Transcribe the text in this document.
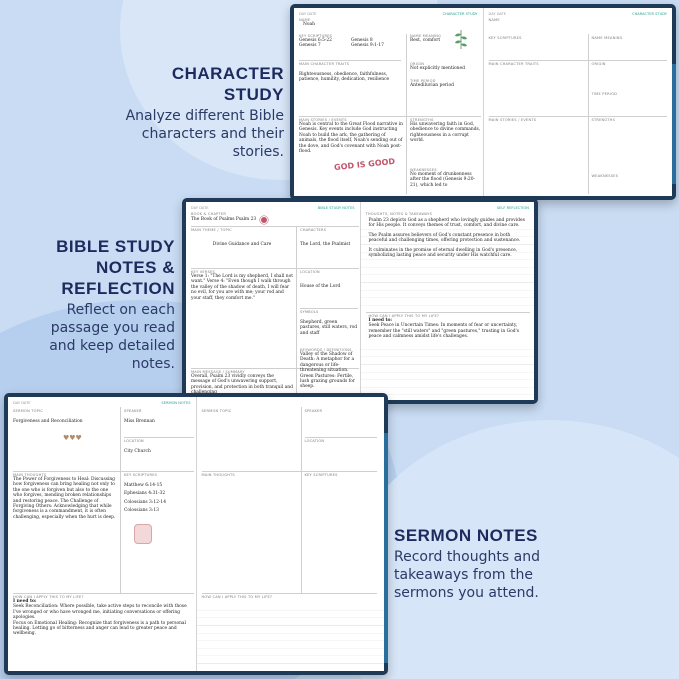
CHARACTER STUDY
Analyze different Bible characters and their stories.
BIBLE STUDY NOTES & REFLECTION
Reflect on each passage you read and keep detailed notes.
SERMON NOTES
Record thoughts and takeaways from the sermons you attend.
DAY DATE	CHARACTER STUDY
NAME
Noah
KEY SCRIPTURES
Genesis 6:5-22	Genesis 8
Genesis 7	Genesis 9:1-17
NAME MEANING
Rest, comfort
MAIN CHARACTER TRAITS
Righteousness, obedience, faithfulness, patience, humility, dedication, resilience
ORIGIN
Not explicitly mentioned
TIME PERIOD
Antediluvian period
MAIN STORIES / EVENTS
Noah is central to the Great Flood narrative in Genesis. Key events include God instructing Noah to build the ark, the gathering of animals, the flood itself, Noah's sending out of the dove, and God's covenant with Noah post-flood.
STRENGTHS
His unwavering faith in God, obedience to divine commands, righteousness in a corrupt world.
GOD IS GOOD	WEAKNESSES
No moment of drunkenness after the flood (Genesis 9:20-21), which led to
DAY DATE	CHARACTER STUDY
NAME
KEY SCRIPTURES	NAME MEANING
MAIN CHARACTER TRAITS	ORIGIN
TIME PERIOD
MAIN STORIES / EVENTS	STRENGTHS
WEAKNESSES
DAY DATE	BIBLE STUDY NOTES
BOOK & CHAPTER
The Book of Psalms Psalm 23
MAIN THEME / TOPIC
Divine Guidance and Care
CHARACTERS
The Lord, the Psalmist
KEY VERSES
Verse 1: "The Lord is my shepherd, I shall not want." Verse 4: "Even though I walk through the valley of the shadow of death, I will fear no evil, for you are with me; your rod and your staff, they comfort me."
LOCATION
House of the Lord
SYMBOLS
Shepherd, green pastures, still waters, rod and staff
MAIN MESSAGE / SUMMARY
Overall, Psalm 23 vividly conveys the message of God's unwavering support, provision, and protection in both tranquil and
KEYWORDS / DEFINITIONS
Valley of the Shadow of Death: A metaphor for a dangerous or life-threatening situation. Green Pastures: Fertile, lush grazing grounds for sheep.
SELF REFLECTION
THOUGHTS, NOTES & TAKEAWAYS
Psalm 23 depicts God as a shepherd who lovingly guides and provides for His people. It conveys themes of trust, comfort, and divine care.
The Psalm assures believers of God's constant presence in both peaceful and challenging times, offering protection and sustenance.
It culminates in the promise of eternal dwelling in God's presence, symbolizing lasting peace and security under His watchful care.
HOW CAN I APPLY THIS TO MY LIFE?
I need to:
Seek Peace in Uncertain Times: In moments of fear or uncertainty, remember the "still waters" and "green pastures," trusting in God's peace and calmness amidst life's challenges.
DAY DATE	SERMON NOTES
SERMON TOPIC
Forgiveness and Reconciliation
♥♥♥
SPEAKER
Miss Brennan
LOCATION
City Church
MAIN THOUGHTS
The Power of Forgiveness to Heal: Discussing how forgiveness can bring healing not only to the one who is forgiven but also to the one who forgives, mending broken relationships and restoring peace. The Challenge of Forgiving Others: Acknowledging that while forgiveness is a commandment, it is often challenging, especially when the hurt is deep.
KEY SCRIPTURES
Matthew 6:14-15
Ephesians 4:31-32
Colossians 3:12-14
Colossians 3:13
HOW CAN I APPLY THIS TO MY LIFE?
I need to:
Seek Reconciliation: Where possible, take active steps to reconcile with those I've wronged or who have wronged me, initiating conversations or offering apologies.
Focus on Emotional Healing: Recognize that forgiveness is a path to personal healing. Letting go of bitterness and anger can lead to greater peace and wellbeing.
SERMON TOPIC	SPEAKER
LOCATION
MAIN THOUGHTS	KEY SCRIPTURES
HOW CAN I APPLY THIS TO MY LIFE?
